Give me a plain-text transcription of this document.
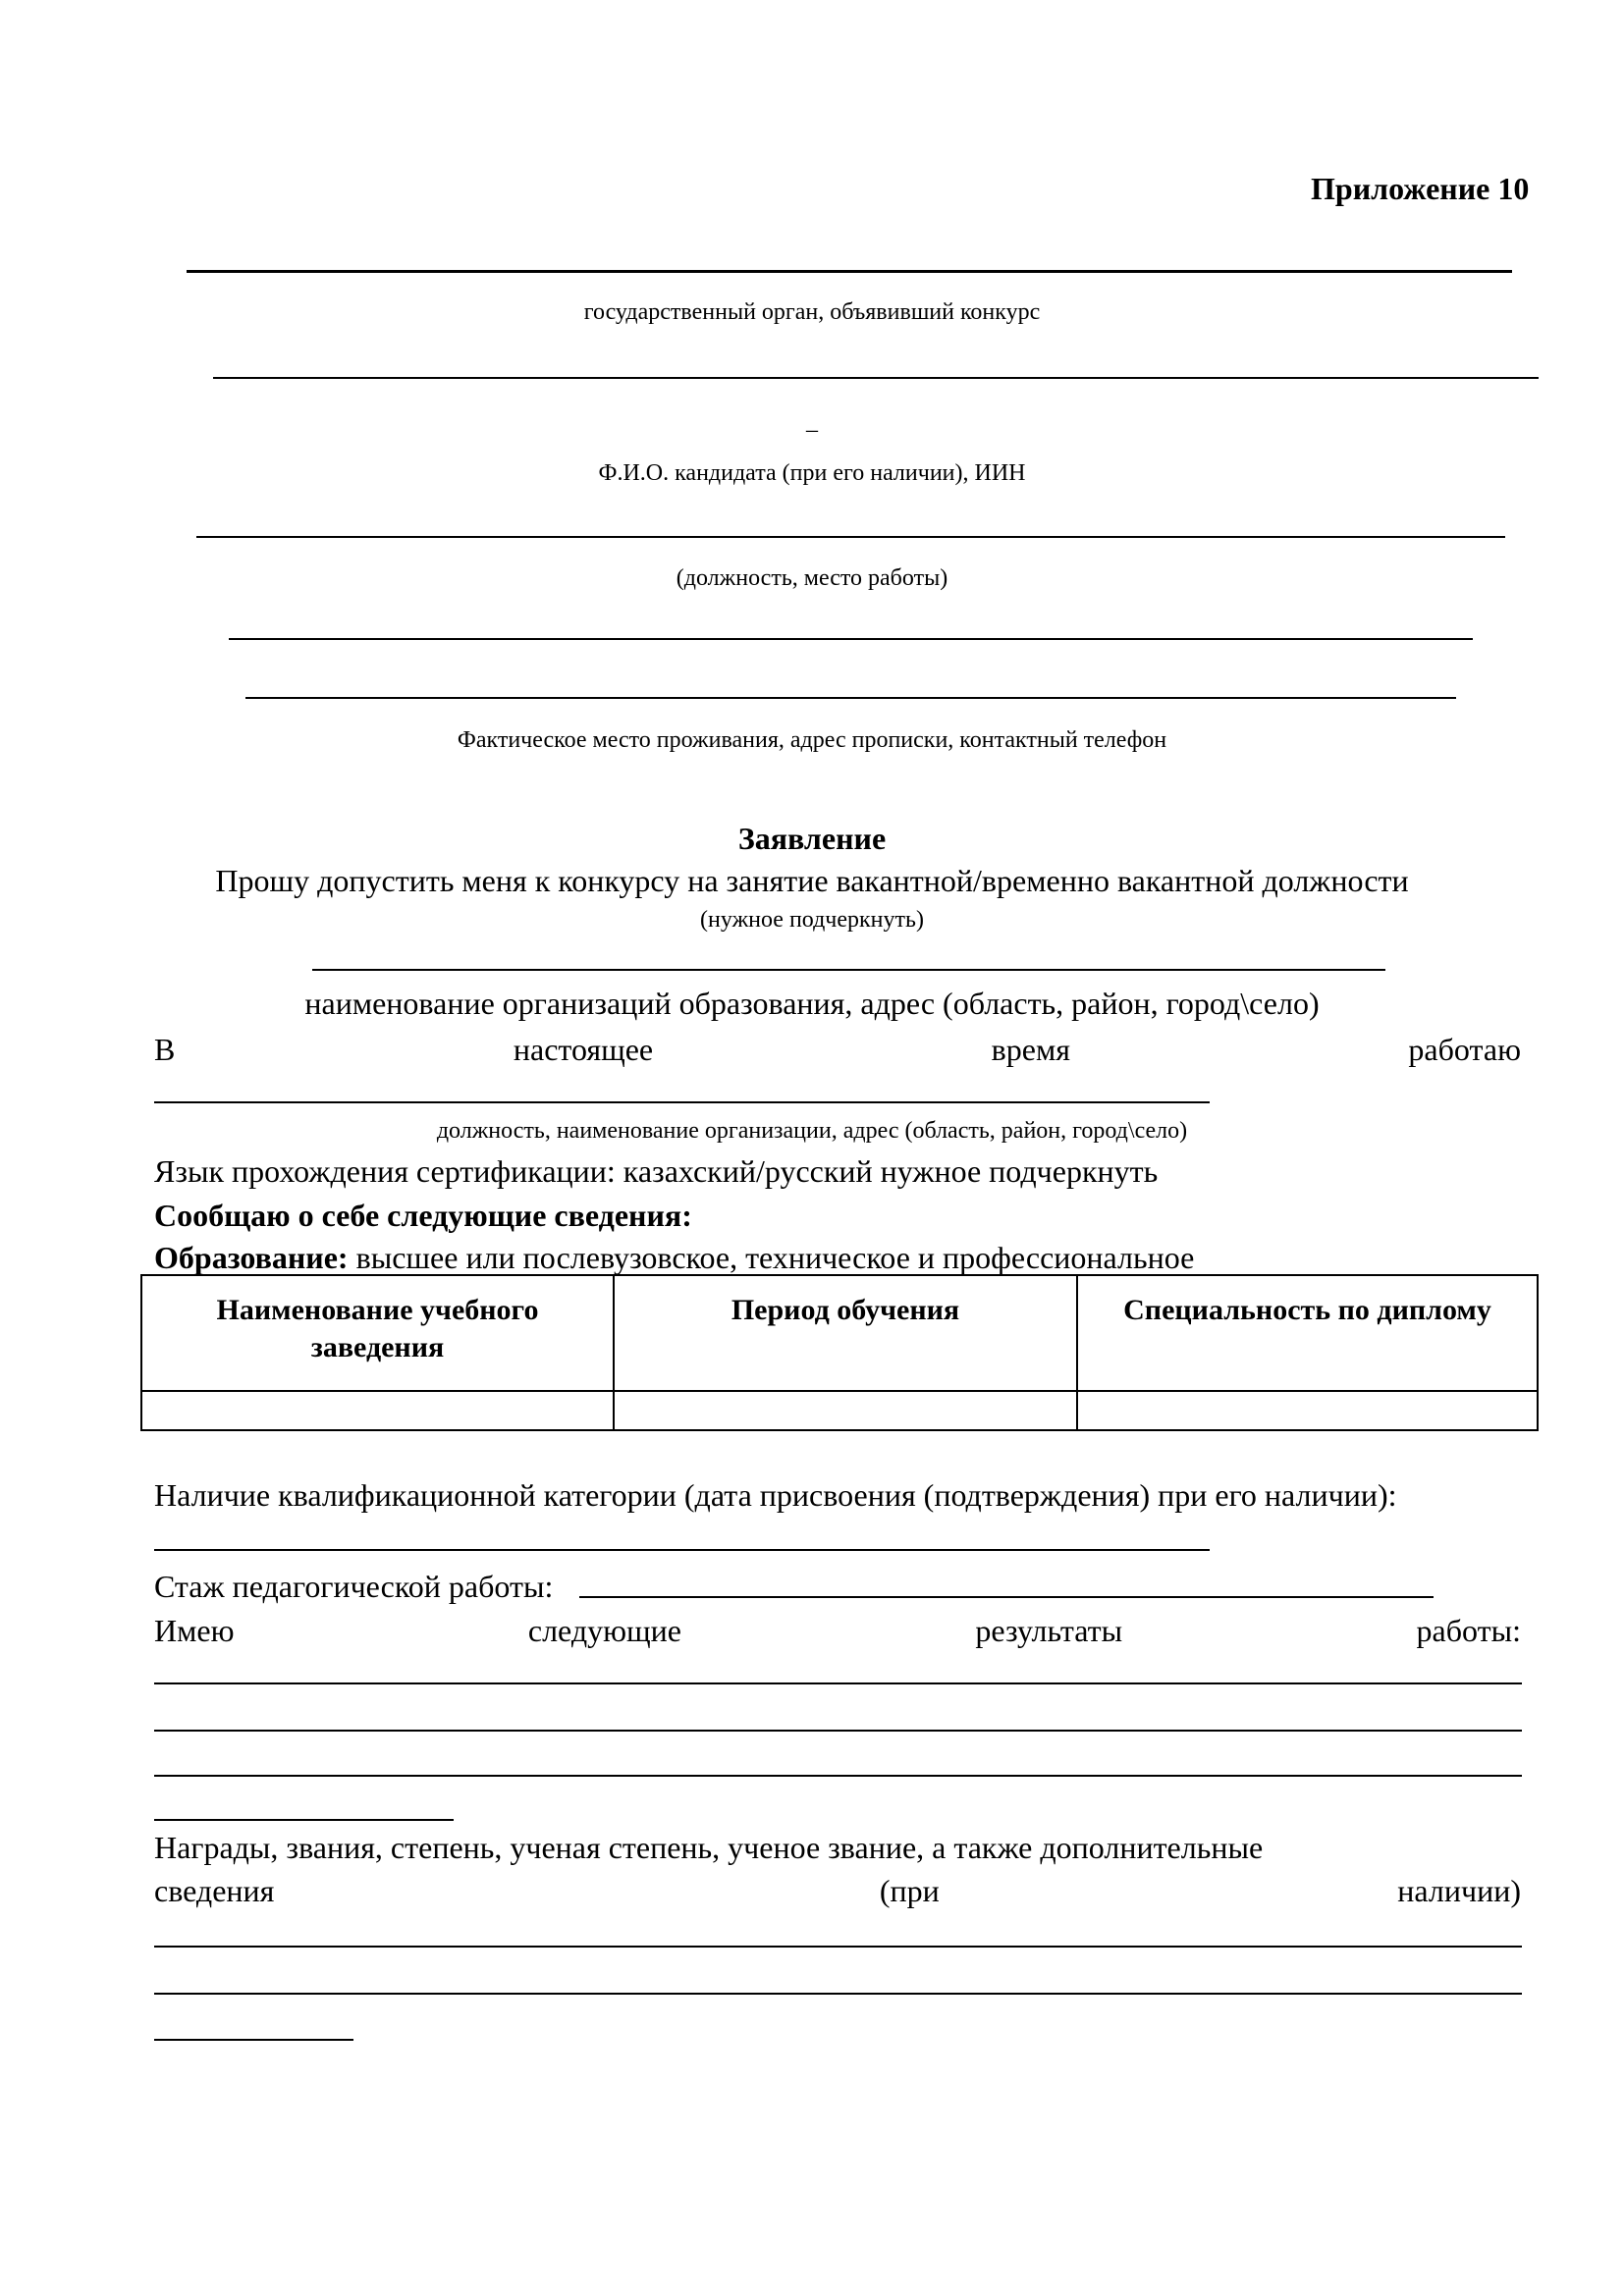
Приложение 10
государственный орган, объявивший конкурс
_
Ф.И.О. кандидата (при его наличии), ИИН
(должность, место работы)
Фактическое место проживания, адрес прописки, контактный телефон
Заявление
Прошу допустить меня к конкурсу на занятие вакантной/временно вакантной должности
(нужное подчеркнуть)
наименование организаций образования, адрес (область, район, город\село)
В	настоящее	время	работаю
должность, наименование организации, адрес (область, район, город\село)
Язык прохождения сертификации: казахский/русский нужное подчеркнуть
Сообщаю о себе следующие сведения:
Образование: высшее или послевузовское, техническое и профессиональное
Наименование учебного заведения	Период обучения	Специальность по диплому

Наличие квалификационной категории (дата присвоения (подтверждения) при его наличии):
Стаж педагогической работы:
Имею	следующие	результаты	работы:
Награды, звания, степень, ученая степень, ученое звание, а также дополнительные
сведения	(при	наличии)
